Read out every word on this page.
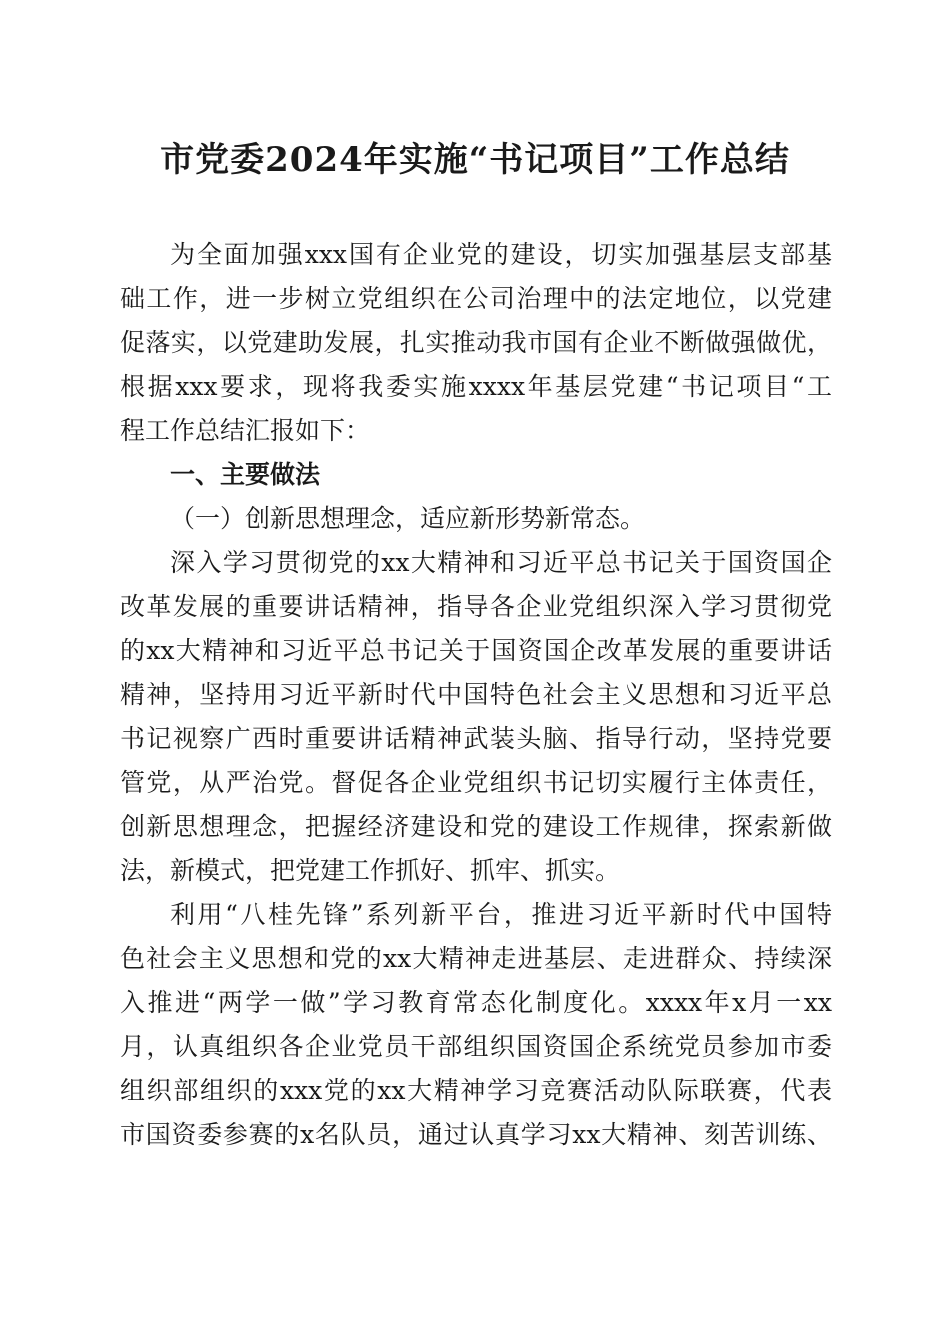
市党委2024年实施“书记项目”工作总结
为全面加强xxx国有企业党的建设，切实加强基层支部基
础工作，进一步树立党组织在公司治理中的法定地位，以党建
促落实，以党建助发展，扎实推动我市国有企业不断做强做优，
根据xxx要求，现将我委实施xxxx年基层党建“书记项目“工
程工作总结汇报如下：
一、主要做法
（一）创新思想理念，适应新形势新常态。
深入学习贯彻党的xx大精神和习近平总书记关于国资国企
改革发展的重要讲话精神，指导各企业党组织深入学习贯彻党
的xx大精神和习近平总书记关于国资国企改革发展的重要讲话
精神，坚持用习近平新时代中国特色社会主义思想和习近平总
书记视察广西时重要讲话精神武装头脑、指导行动，坚持党要
管党，从严治党。督促各企业党组织书记切实履行主体责任，
创新思想理念，把握经济建设和党的建设工作规律，探索新做
法，新模式，把党建工作抓好、抓牢、抓实。
利用“八桂先锋”系列新平台，推进习近平新时代中国特
色社会主义思想和党的xx大精神走进基层、走进群众、持续深
入推进“两学一做”学习教育常态化制度化。xxxx年x月一xx
月，认真组织各企业党员干部组织国资国企系统党员参加市委
组织部组织的xxx党的xx大精神学习竞赛活动队际联赛，代表
市国资委参赛的x名队员，通过认真学习xx大精神、刻苦训练、
